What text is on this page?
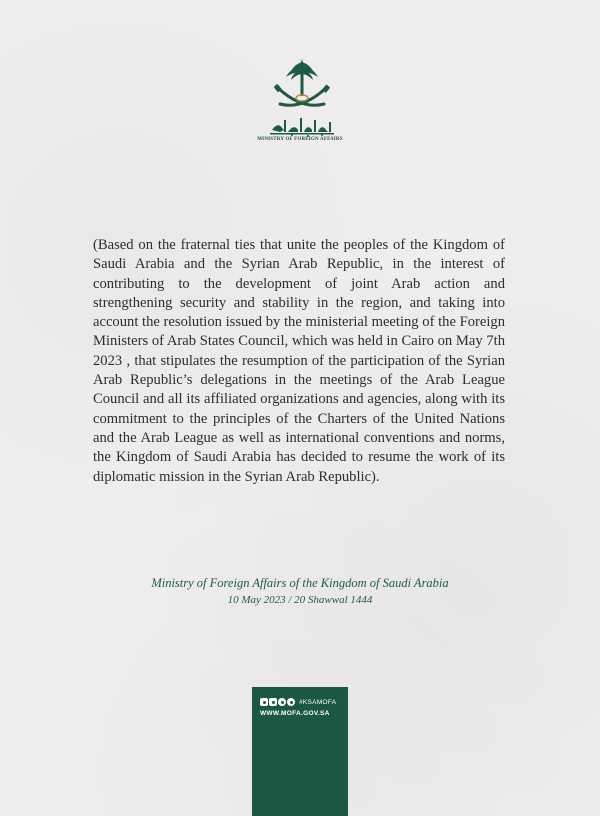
MINISTRY OF FOREIGN AFFAIRS

(Based on the fraternal ties that unite the peoples of the Kingdom of Saudi Arabia and the Syrian Arab Republic, in the interest of contributing to the development of joint Arab action and strengthening security and stability in the region, and taking into account the resolution issued by the ministerial meeting of the Foreign Ministers of Arab States Council, which was held in Cairo on May 7th 2023 , that stipulates the resumption of the participation of the Syrian Arab Republic’s delegations in the meetings of the Arab League Council and all its affiliated organizations and agencies, along with its commitment to the principles of the Charters of the United Nations and the Arab League as well as international conventions and norms, the Kingdom of Saudi Arabia has decided to resume the work of its diplomatic mission in the Syrian Arab Republic).

Ministry of Foreign Affairs of the Kingdom of Saudi Arabia
10 May 2023 / 20 Shawwal 1444
#KSAMOFA
WWW.MOFA.GOV.SA
